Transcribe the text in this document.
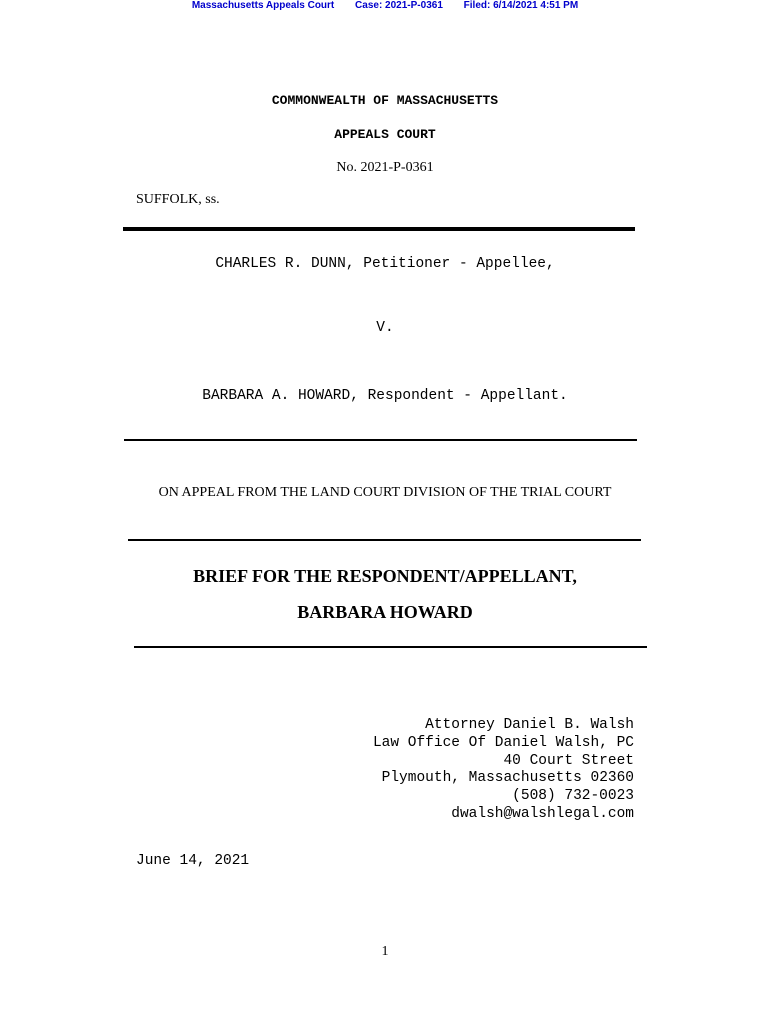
Massachusetts Appeals Court Case: 2021-P-0361 Filed: 6/14/2021 4:51 PM
COMMONWEALTH OF MASSACHUSETTS
APPEALS COURT
No. 2021-P-0361
SUFFOLK, ss.
CHARLES R. DUNN, Petitioner - Appellee,
V.
BARBARA A. HOWARD, Respondent - Appellant.
ON APPEAL FROM THE LAND COURT DIVISION OF THE TRIAL COURT
BRIEF FOR THE RESPONDENT/APPELLANT,
BARBARA HOWARD
Attorney Daniel B. Walsh
Law Office Of Daniel Walsh, PC
40 Court Street
Plymouth, Massachusetts 02360
(508) 732-0023
dwalsh@walshlegal.com
June 14, 2021
1
